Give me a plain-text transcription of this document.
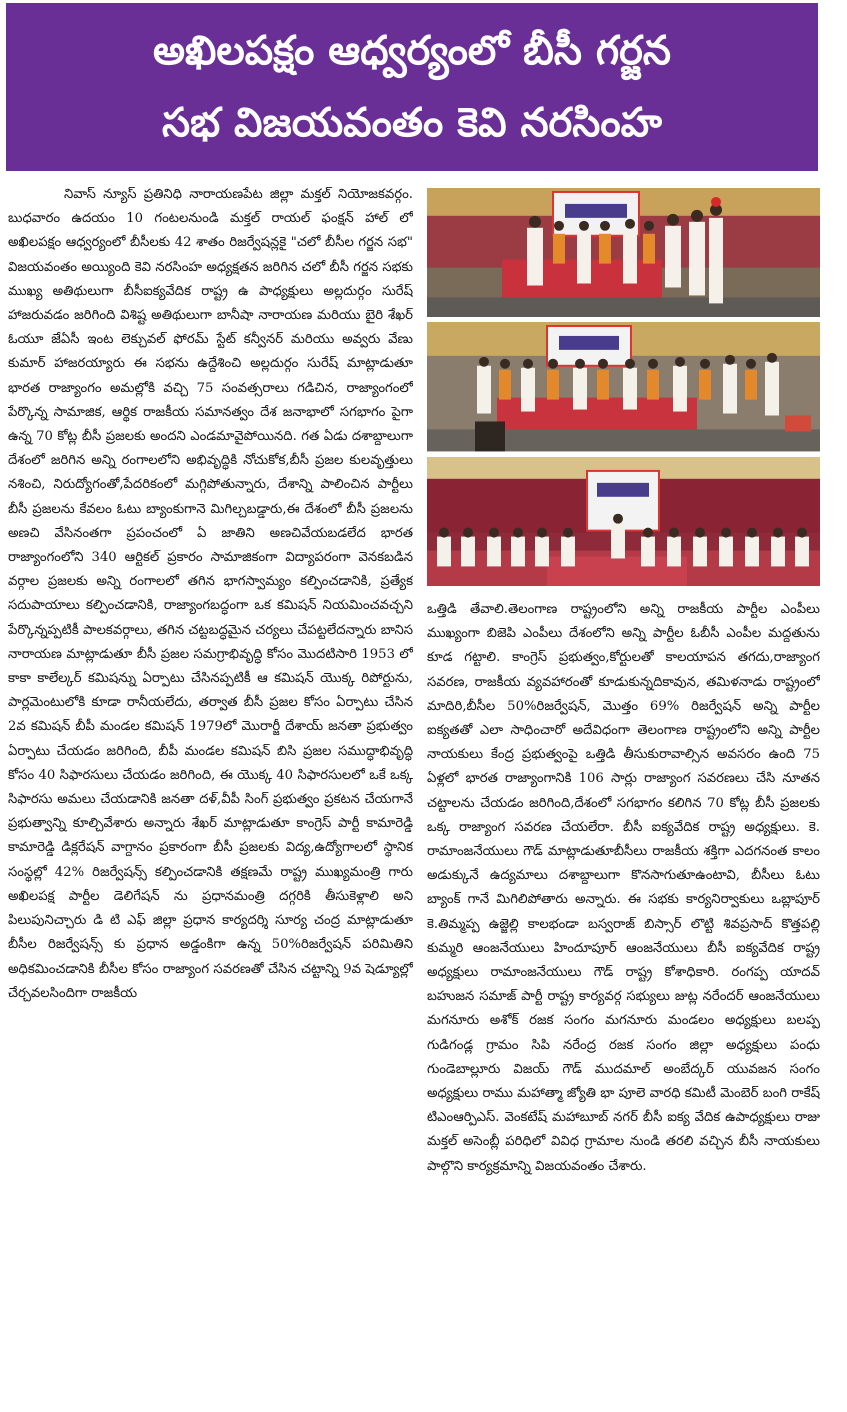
అఖిలపక్షం ఆధ్వర్యంలో బీసీ గర్జన
సభ విజయవంతం కెవి నరసింహ
నివాస్ న్యూస్ ప్రతినిధి నారాయణపేట జిల్లా మక్తల్ నియోజకవర్గం. బుధవారం ఉదయం 10 గంటలనుండి మక్తల్ రాయల్ ఫంక్షన్ హాల్ లో అఖిలపక్షం ఆధ్వర్యంలో బీసీలకు 42 శాతం రిజర్వేషన్లకై "చలో బీసీల గర్జన సభ" విజయవంతం అయ్యింది కెవి నరసింహ అధ్యక్షతన జరిగిన చలో బీసీ గర్జన సభకు ముఖ్య అతిథులుగా బీసీఐక్యవేదిక రాష్ట్ర ఉ పాధ్యక్షులు అల్లదుర్గం సురేష్ హాజరువడం జరిగింది విశిష్ట అతిథులుగా బానీషా నారాయణ మరియు బైరి శేఖర్ ఓయూ జేఏసీ ఇంట లెక్చువల్ ఫోరమ్ స్టేట్ కన్వీనర్ మరియు అవ్వరు వేణు కుమార్ హాజరయ్యారు ఈ సభను ఉద్దేశించి అల్లదుర్గం సురేష్ మాట్లాడుతూ భారత రాజ్యాంగం అమల్లోకి వచ్చి 75 సంవత్సరాలు గడిచిన, రాజ్యాంగంలో పేర్కొన్న సామాజిక, ఆర్థిక రాజకీయ సమానత్వం దేశ జనాభాలో సగభాగం పైగా ఉన్న 70 కోట్ల బీసీ ప్రజలకు అందని ఎండమావైపోయినది. గత ఏడు దశాబ్దాలుగా దేశంలో జరిగిన అన్ని రంగాలలోని అభివృద్ధికి నోచుకోక,బీసీ ప్రజల కులవృత్తులు నశించి, నిరుద్యోగంతో,పేదరికంలో మగ్గిపోతున్నారు, దేశాన్ని పాలించిన పార్టీలు బీసీ ప్రజలను కేవలం ఓటు బ్యాంకుగానె మిగిల్చబడ్డారు,ఈ దేశంలో బీసీ ప్రజలను అణచి వేసినంతగా ప్రపంచంలో ఏ జాతిని అణచివేయబడలేద భారత రాజ్యాంగంలోని 340 ఆర్టికల్ ప్రకారం సామాజికంగా విద్యాపరంగా వెనకబడిన వర్గాల ప్రజలకు అన్ని రంగాలలో తగిన భాగస్వామ్యం కల్పించడానికి, ప్రత్యేక సదుపాయాలు కల్పించడానికి, రాజ్యాంగబద్ధంగా ఒక కమిషన్ నియమించవచ్చని పేర్కొన్నప్పటికీ పాలకవర్గాలు, తగిన చట్టబద్ధమైన చర్యలు చేపట్టలేదన్నారు బానిస నారాయణ మాట్లాడుతూ బీసీ ప్రజల సమగ్రాభివృద్ధి కోసం మొదటిసారి 1953 లో కాకా కాలేల్కర్ కమిషన్ను ఏర్పాటు చేసినప్పటికీ ఆ కమిషన్ యొక్క రిపోర్టును, పార్లమెంటులోకి కూడా రానీయలేదు, తర్వాత బీసీ ప్రజల కోసం ఏర్పాటు చేసిన 2వ కమిషన్ బీపీ మండల కమిషన్ 1979లో మొరార్జీ దేశాయ్ జనతా ప్రభుత్వం ఏర్పాటు చేయడం జరిగింది, బీపీ మండల కమిషన్ బిసి ప్రజల సముద్ధాభివృద్ధి కోసం 40 సిఫారసులు చేయడం జరిగింది, ఈ యొక్క 40 సిఫారసులలో ఒకే ఒక్క సిఫారసు అమలు చేయడానికి జనతా దళ్,వీపీ సింగ్ ప్రభుత్వం ప్రకటన చేయగానే ప్రభుత్వాన్ని కూల్చివేశారు అన్నారు శేఖర్ మాట్లాడుతూ కాంగ్రెస్ పార్టీ కామారెడ్డి కామారెడ్డి డిక్లరేషన్ వాగ్దానం ప్రకారంగా బీసీ ప్రజలకు విద్య,ఉద్యోగాలలో స్థానిక సంస్థల్లో 42% రిజర్వేషన్స్ కల్పించడానికి తక్షణమే రాష్ట్ర ముఖ్యమంత్రి గారు అఖిలపక్ష పార్టీల డెలిగేషన్ ను ప్రధానమంత్రి దగ్గరికి తీసుకెళ్లాలి అని పిలుపునిచ్చారు డి టి ఎఫ్ జిల్లా ప్రధాన కార్యదర్శి సూర్య చంద్ర మాట్లాడుతూ బీసీల రిజర్వేషన్స్ కు ప్రధాన అడ్డంకిగా ఉన్న 50%రిజర్వేషన్ పరిమితిని అధికమించడానికి బీసీల కోసం రాజ్యాంగ సవరణతో చేసిన చట్టాన్ని 9వ షెడ్యూల్లో చేర్చవలసిందిగా రాజకీయ
ఒత్తిడి తేవాలి.తెలంగాణ రాష్ట్రంలోని అన్ని రాజకీయ పార్టీల ఎంపీలు ముఖ్యంగా బిజెపి ఎంపీలు దేశంలోని అన్ని పార్టీల ఓబీసీ ఎంపీల మద్దతును కూడ గట్టాలి. కాంగ్రెస్ ప్రభుత్వం,కోర్టులతో కాలయాపన తగదు,రాజ్యాంగ సవరణ, రాజకీయ వ్యవహారంతో కూడుకున్నదికావున, తమిళనాడు రాష్ట్రంలో మాదిరి,బీసీల 50%రిజర్వేషన్, మొత్తం 69% రిజర్వేషన్ అన్ని పార్టీల ఐక్యతతో ఎలా సాధించారో అదేవిధంగా తెలంగాణ రాష్ట్రంలోని అన్ని పార్టీల నాయకులు కేంద్ర ప్రభుత్వంపై ఒత్తిడి తీసుకురావాల్సిన అవసరం ఉంది 75 ఏళ్లలో భారత రాజ్యాంగానికి 106 సార్లు రాజ్యాంగ సవరణలు చేసి నూతన చట్టాలను చేయడం జరిగింది,దేశంలో సగభాగం కలిగిన 70 కోట్ల బీసీ ప్రజలకు ఒక్క రాజ్యాంగ సవరణ చేయలేరా. బీసీ ఐక్యవేదిక రాష్ట్ర అధ్యక్షులు. కె. రామాంజనేయులు గౌడ్ మాట్లాడుతూబీసీలు రాజకీయ శక్తిగా ఎదగనంత కాలం అడుక్కునే ఉద్యమాలు దశాబ్దాలుగా కొనసాగుతూఉంటావి, బీసీలు ఓటు బ్యాంక్ గానే మిగిలిపోతారు అన్నారు. ఈ సభకు కార్యనిర్వాకులు ఒబ్లాపూర్ కె.తిమ్మప్ప ఉజ్జెల్లి కాలభండా బస్వరాజ్ బిస్సార్ లొట్టి శివప్రసాద్ కొత్తపల్లి కుమ్మరి ఆంజనేయులు హిందూపూర్ ఆంజనేయులు బీసీ ఐక్యవేదిక రాష్ట్ర అధ్యక్షులు రామాంజనేయులు గౌడ్ రాష్ట్ర కోశాధికారి. రంగప్ప యాదవ్ బహుజన సమాజ్ పార్టీ రాష్ట్ర కార్యవర్గ సభ్యులు జుట్ల నరేందర్ ఆంజనేయులు మగనూరు అశోక్ రజక సంగం మగనూరు మండలం అధ్యక్షులు బలప్ప గుడిగండ్ల గ్రామం సిపి నరేంద్ర రజక సంగం జిల్లా అధ్యక్షులు పంధు గుండెబాల్లూరు విజయ్ గౌడ్ ముదమాల్ అంబేద్కర్ యువజన సంగం అధ్యక్షులు రాము మహాత్మా జ్యోతి భా పూలె వారధి కమిటీ మెంబెర్ బంగి రాకేష్ టిఎంఆర్పిఎస్. వెంకటేష్ మహాబూబ్ నగర్ బీసీ ఐక్య వేదిక ఉపాధ్యక్షులు రాజు మక్తల్ అసెంబ్లీ పరిధిలో వివిధ గ్రామాల నుండి తరలి వచ్చిన బీసీ నాయకులు పాల్గొని కార్యక్రమాన్ని విజయవంతం చేశారు.
